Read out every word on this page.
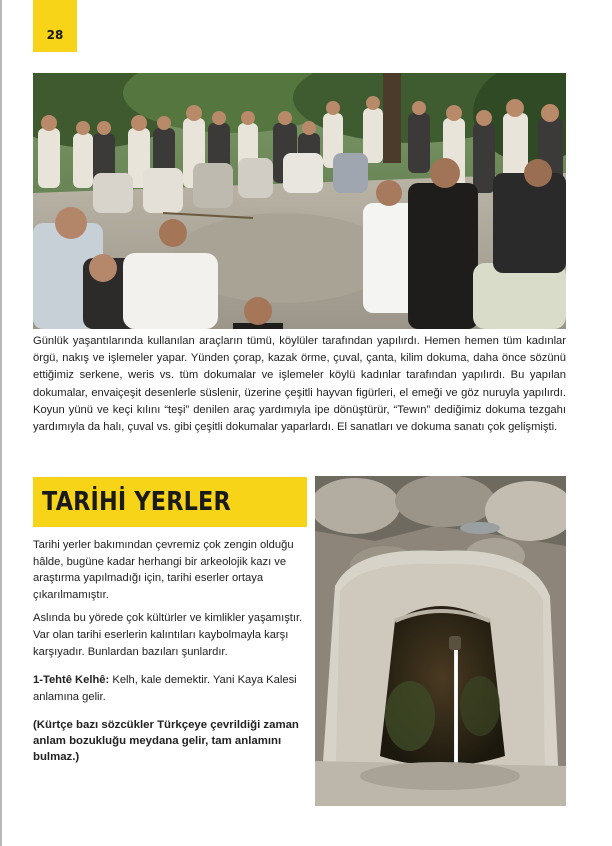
28
Günlük yaşantılarında kullanılan araçların tümü, köylüler tarafından yapılırdı. Hemen hemen tüm kadınlar örgü, nakış ve işlemeler yapar. Yünden çorap, kazak örme, çuval, çanta, kilim dokuma, daha önce sözünü ettiğimiz serkene, weris vs. tüm dokumalar ve işlemeler köylü kadınlar tarafından yapılırdı. Bu yapılan dokumalar, envaiçeşit desenlerle süslenir, üzerine çeşitli hayvan figürleri, el emeği ve göz nuruyla yapılırdı. Koyun yünü ve keçi kılını “teşi” denilen araç yardımıyla ipe dönüştürür, “Tewın” dediğimiz dokuma tezgahı yardımıyla da halı, çuval vs. gibi çeşitli dokumalar yaparlardı. El sanatları ve dokuma sanatı çok gelişmişti.
TARİHİ YERLER

Tarihi yerler bakımından çevremiz çok zengin olduğu hâlde, bugüne kadar herhangi bir arkeolojik kazı ve araştırma yapılmadığı için, tarihi eserler ortaya çıkarılmamıştır.

Aslında bu yörede çok kültürler ve kimlikler yaşamıştır. Var olan tarihi eserlerin kalıntıları kaybolmayla karşı karşıyadır. Bunlardan bazıları şunlardır.

1-Tehtê Kelhê: Kelh, kale demektir. Yani Kaya Kalesi anlamına gelir.

(Kürtçe bazı sözcükler Türkçeye çevrildiği zaman anlam bozukluğu meydana gelir, tam anlamını bulmaz.)
